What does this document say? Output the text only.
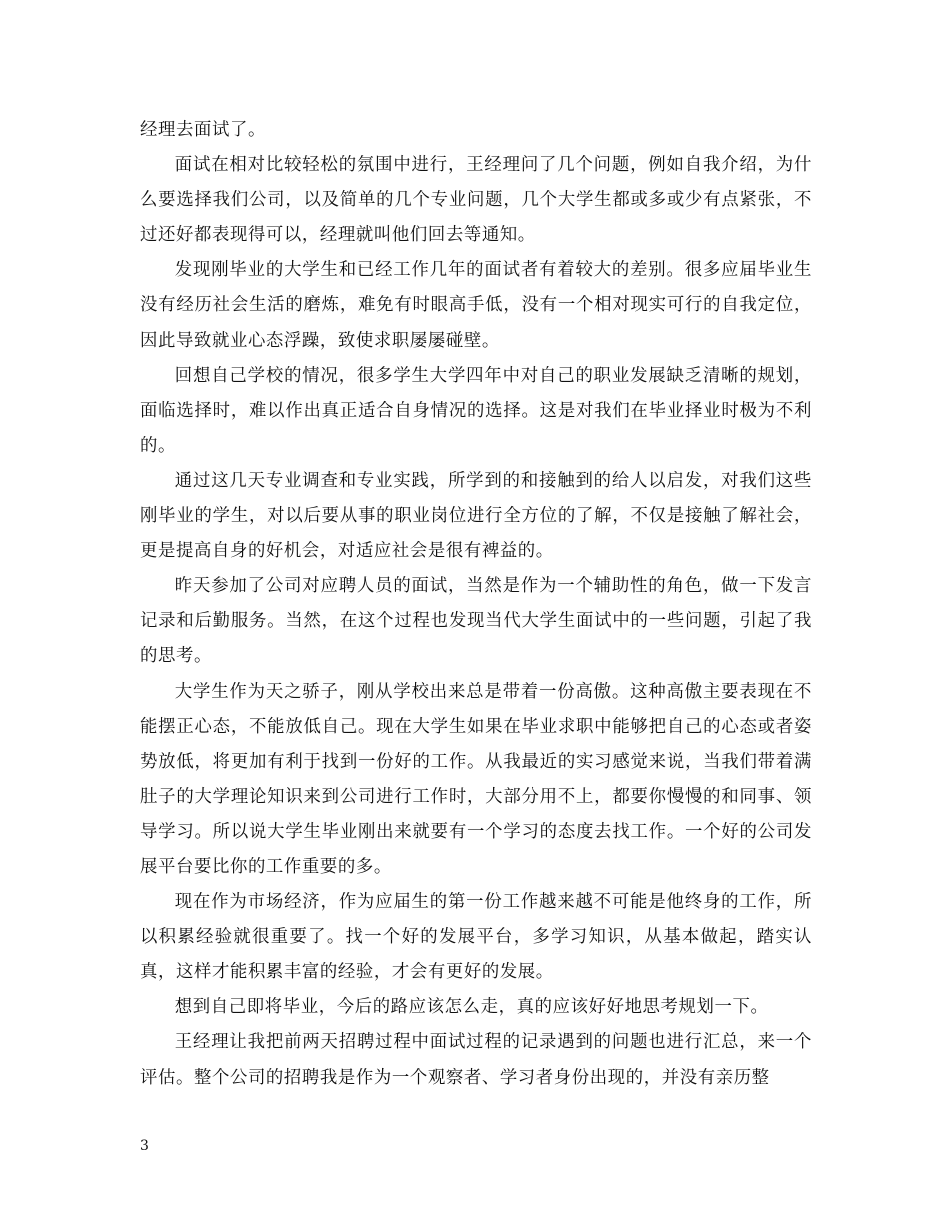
经理去面试了。

面试在相对比较轻松的氛围中进行，王经理问了几个问题，例如自我介绍，为什么要选择我们公司，以及简单的几个专业问题，几个大学生都或多或少有点紧张，不过还好都表现得可以，经理就叫他们回去等通知。

发现刚毕业的大学生和已经工作几年的面试者有着较大的差别。很多应届毕业生没有经历社会生活的磨炼，难免有时眼高手低，没有一个相对现实可行的自我定位，因此导致就业心态浮躁，致使求职屡屡碰壁。

回想自己学校的情况，很多学生大学四年中对自己的职业发展缺乏清晰的规划，面临选择时，难以作出真正适合自身情况的选择。这是对我们在毕业择业时极为不利的。

通过这几天专业调查和专业实践，所学到的和接触到的给人以启发，对我们这些刚毕业的学生，对以后要从事的职业岗位进行全方位的了解，不仅是接触了解社会，更是提高自身的好机会，对适应社会是很有裨益的。

昨天参加了公司对应聘人员的面试，当然是作为一个辅助性的角色，做一下发言记录和后勤服务。当然，在这个过程也发现当代大学生面试中的一些问题，引起了我的思考。

大学生作为天之骄子，刚从学校出来总是带着一份高傲。这种高傲主要表现在不能摆正心态，不能放低自己。现在大学生如果在毕业求职中能够把自己的心态或者姿势放低，将更加有利于找到一份好的工作。从我最近的实习感觉来说，当我们带着满肚子的大学理论知识来到公司进行工作时，大部分用不上，都要你慢慢的和同事、领导学习。所以说大学生毕业刚出来就要有一个学习的态度去找工作。一个好的公司发展平台要比你的工作重要的多。

现在作为市场经济，作为应届生的第一份工作越来越不可能是他终身的工作，所以积累经验就很重要了。找一个好的发展平台，多学习知识，从基本做起，踏实认真，这样才能积累丰富的经验，才会有更好的发展。

想到自己即将毕业，今后的路应该怎么走，真的应该好好地思考规划一下。

王经理让我把前两天招聘过程中面试过程的记录遇到的问题也进行汇总，来一个评估。整个公司的招聘我是作为一个观察者、学习者身份出现的，并没有亲历整

3
